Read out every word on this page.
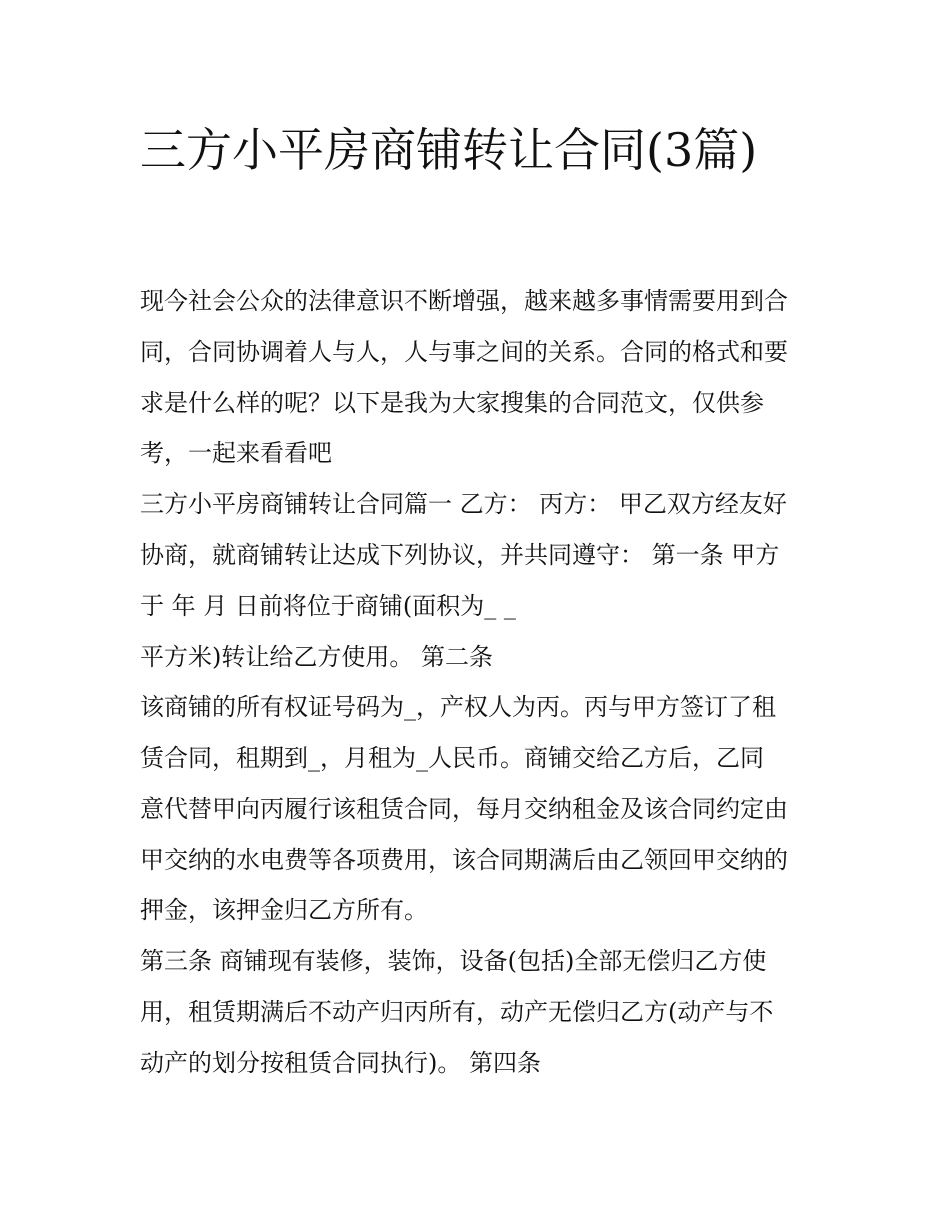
三方小平房商铺转让合同(3篇)

现今社会公众的法律意识不断增强，越来越多事情需要用到合

同，合同协调着人与人，人与事之间的关系。合同的格式和要

求是什么样的呢？以下是我为大家搜集的合同范文，仅供参

考，一起来看看吧

三方小平房商铺转让合同篇一 乙方： 丙方： 甲乙双方经友好

协商，就商铺转让达成下列协议，并共同遵守： 第一条 甲方

于 年 月 日前将位于商铺(面积为_ _

平方米)转让给乙方使用。 第二条

该商铺的所有权证号码为_，产权人为丙。丙与甲方签订了租

赁合同，租期到_，月租为_人民币。商铺交给乙方后，乙同

意代替甲向丙履行该租赁合同，每月交纳租金及该合同约定由

甲交纳的水电费等各项费用，该合同期满后由乙领回甲交纳的

押金，该押金归乙方所有。

第三条 商铺现有装修，装饰，设备(包括)全部无偿归乙方使

用，租赁期满后不动产归丙所有，动产无偿归乙方(动产与不

动产的划分按租赁合同执行)。 第四条
